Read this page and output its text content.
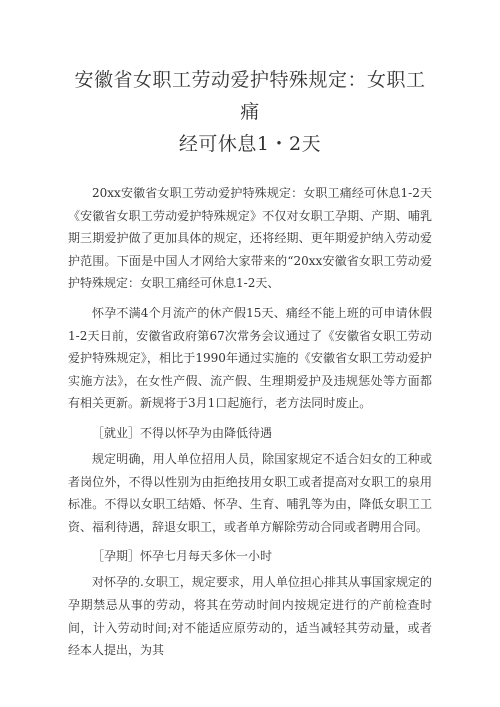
安徽省女职工劳动爱护特殊规定：女职工痛
经可休息1・2天

20xx安徽省女职工劳动爱护特殊规定：女职工痛经可休息1-2天《安徽省女职工劳动爱护特殊规定》不仅对女职工孕期、产期、哺乳期三期爱护做了更加具体的规定，还将经期、更年期爱护纳入劳动爱护范围。下面是中国人才网给大家带来的“20xx安徽省女职工劳动爱护特殊规定：女职工痛经可休息1-2天、

怀孕不满4个月流产的休产假15天、痛经不能上班的可申请休假1-2天日前，安徽省政府第67次常务会议通过了《安徽省女职工劳动爱护特殊规定》，相比于1990年通过实施的《安徽省女职工劳动爱护实施方法》，在女性产假、流产假、生理期爱护及违规惩处等方面都有相关更新。新规将于3月1口起施行，老方法同时废止。

［就业］不得以怀孕为由降低待遇

规定明确，用人单位招用人员，除国家规定不适合妇女的工种或者岗位外，不得以性别为由拒绝技用女职工或者提高对女职工的泉用标准。不得以女职工结婚、怀孕、生育、哺乳等为由，降低女职工工资、福利待遇，辞退女职工，或者单方解除劳动合同或者聘用合同。

［孕期］怀孕七月每天多休一小时

对怀孕的.女职工，规定要求，用人单位担心排其从事国家规定的孕期禁忌从事的劳动，将其在劳动时间内按规定进行的产前检查时间，计入劳动时间;对不能适应原劳动的，适当减轻其劳动量，或者经本人提出，为其
